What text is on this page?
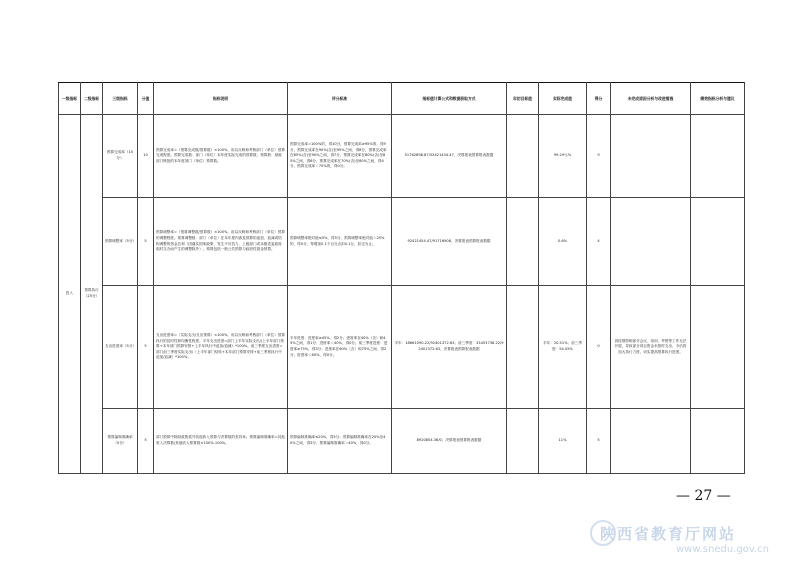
一级指标	二级指标	三级指标	分值	指标说明	评分标准	指标值计算公式和数据获取方式	年初目标值	实际完成值	得分	未完成原因分析与改进措施	绩效指标分析与建议
投入	预算执行（25分）	预算完成率（10分）	10	预算完成率=（预算完成数/预算数）×100%，用以反映和考核部门（单位）预算完成程度。预算完成数：部门（单位）本年度实际完成的预算数；预算数：财政部门核批的本年度部门（单位）预算数。	预算完成率=100%的，得10分，预算完成率≥95%的，得9分，预算完成率在90%(含)至95%之间，得8分，预算完成率在85%(含)至90%之间，得7分，预算完成率在80%(含)至85%之间，得6分，预算完成率在70%(含)至80%之间，得4分，预算完成率＜70%的，得0分。	51762898.87/52421434.47，决算报表预算报表数据		99.29％%	9		
		预算调整率（5分）	5	预算调整率=（预算调整数/预算数）×100%，用以反映和考核部门（单位）预算的调整程度。预算调整数：部门（单位）在本年度内涉及预算的追加、追减或结构调整的资金总和（因落实国家政策、发生不可抗力、上级部门或本级党委政府临时交办而产生的调整除外）。预算包括一般公共预算与政府性基金预算。	预算调整率绝对值≤5%，得5分，预算调整率绝对值＞25%的，得0分，每增加0.1个百分点扣0.1分，扣完为止。	92421454.47/91716908，决算报表预算报表数据		0.6%	4		
		支出进度率（5分）	5	支出进度率=（实际支出/支出预算）×100%，用以反映和考核部门（单位）预算执行的及时性和均衡性程度。半年支出进度=部门上半年实际支出/(上半年部门预算+本年部门预算安排+上半年执行中追加/追减）*100%。前三季度支出进度=部门前三季度实际支出/（上半年部门结转+本年部门预算安排+前三季度执行中追加/追减）*100%。	半年进度：进度率≥45%，得2分；进度率在40%（含）和45%之间，得1分；进度率＜40%，得0分。前三季度进度：进度率≥75%，得3分；进度率在60%（含）和75%之间，得2分；进度率＜60%，得0分。	半年：18661090.22/92401372.63；前三季度：33453736.22/92401372.63，决算报表预算报表数据		半年：20.51%；前三季度：54.05%	0	因疫情影响部分会议、培训、考察等工作无法开展，导致部分项目资金未按时支出，今后将加大执行力度，切实提高预算执行进度。	
		预算编制准确率（5分）	5	部门预算中除财政拨款外其他收入预算与决算数的差异率。预算编制准确率=其他收入决算数/其他收入预算数×100%-100%。	预算编制准确率≤20%，得5分；预算编制准确率在20%至40%之间，得3分；预算编制准确率＞40%，得0分。	8920854.36/0，决算报表预算报表数据		11%	5		
— 27 —
陕西省教育厅网站
www.snedu.gov.cn
